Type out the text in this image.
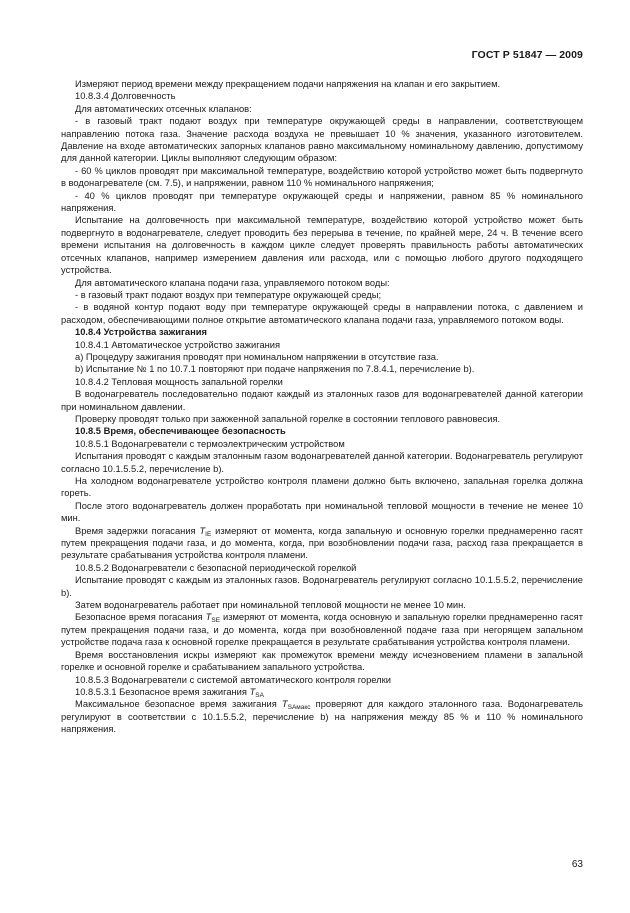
ГОСТ Р 51847 — 2009

Измеряют период времени между прекращением подачи напряжения на клапан и его закрытием.

10.8.3.4 Долговечность

Для автоматических отсечных клапанов:

- в газовый тракт подают воздух при температуре окружающей среды в направлении, соответствующем направлению потока газа. Значение расхода воздуха не превышает 10 % значения, указанного изготовителем. Давление на входе автоматических запорных клапанов равно максимальному номинальному давлению, допустимому для данной категории. Циклы выполняют следующим образом:

- 60 % циклов проводят при максимальной температуре, воздействию которой устройство может быть подвергнуто в водонагревателе (см. 7.5), и напряжении, равном 110 % номинального напряжения;

- 40 % циклов проводят при температуре окружающей среды и напряжении, равном 85 % номинального напряжения.

Испытание на долговечность при максимальной температуре, воздействию которой устройство может быть подвергнуто в водонагревателе, следует проводить без перерыва в течение, по крайней мере, 24 ч. В течение всего времени испытания на долговечность в каждом цикле следует проверять правильность работы автоматических отсечных клапанов, например измерением давления или расхода, или с помощью любого другого подходящего устройства.

Для автоматического клапана подачи газа, управляемого потоком воды:

- в газовый тракт подают воздух при температуре окружающей среды;

- в водяной контур подают воду при температуре окружающей среды в направлении потока, с давлением и расходом, обеспечивающими полное открытие автоматического клапана подачи газа, управляемого потоком воды.

10.8.4 Устройства зажигания

10.8.4.1 Автоматическое устройство зажигания

а) Процедуру зажигания проводят при номинальном напряжении в отсутствие газа.

b) Испытание № 1 по 10.7.1 повторяют при подаче напряжения по 7.8.4.1, перечисление b).

10.8.4.2 Тепловая мощность запальной горелки

В водонагреватель последовательно подают каждый из эталонных газов для водонагревателей данной категории при номинальном давлении.

Проверку проводят только при зажженной запальной горелке в состоянии теплового равновесия.

10.8.5 Время, обеспечивающее безопасность

10.8.5.1 Водонагреватели с термоэлектрическим устройством

Испытания проводят с каждым эталонным газом водонагревателей данной категории. Водонагреватель регулируют согласно 10.1.5.5.2, перечисление b).

На холодном водонагревателе устройство контроля пламени должно быть включено, запальная горелка должна гореть.

После этого водонагреватель должен проработать при номинальной тепловой мощности в течение не менее 10 мин.

Время задержки погасания $T_{IE}$ измеряют от момента, когда запальную и основную горелки преднамеренно гасят путем прекращения подачи газа, и до момента, когда, при возобновлении подачи газа, расход газа прекращается в результате срабатывания устройства контроля пламени.

10.8.5.2 Водонагреватели с безопасной периодической горелкой

Испытание проводят с каждым из эталонных газов. Водонагреватель регулируют согласно 10.1.5.5.2, перечисление b).

Затем водонагреватель работает при номинальной тепловой мощности не менее 10 мин.

Безопасное время погасания $T_{SE}$ измеряют от момента, когда основную и запальную горелки преднамеренно гасят путем прекращения подачи газа, и до момента, когда при возобновленной подаче газа при негорящем запальном устройстве подача газа к основной горелке прекращается в результате срабатывания устройства контроля пламени.

Время восстановления искры измеряют как промежуток времени между исчезновением пламени в запальной горелке и основной горелке и срабатыванием запального устройства.

10.8.5.3 Водонагреватели с системой автоматического контроля горелки

10.8.5.3.1 Безопасное время зажигания $T_{SA}$

Максимальное безопасное время зажигания $T_{SAмакс}$ проверяют для каждого эталонного газа. Водонагреватель регулируют в соответствии с 10.1.5.5.2, перечисление b) на напряжения между 85 % и 110 % номинального напряжения.

63
